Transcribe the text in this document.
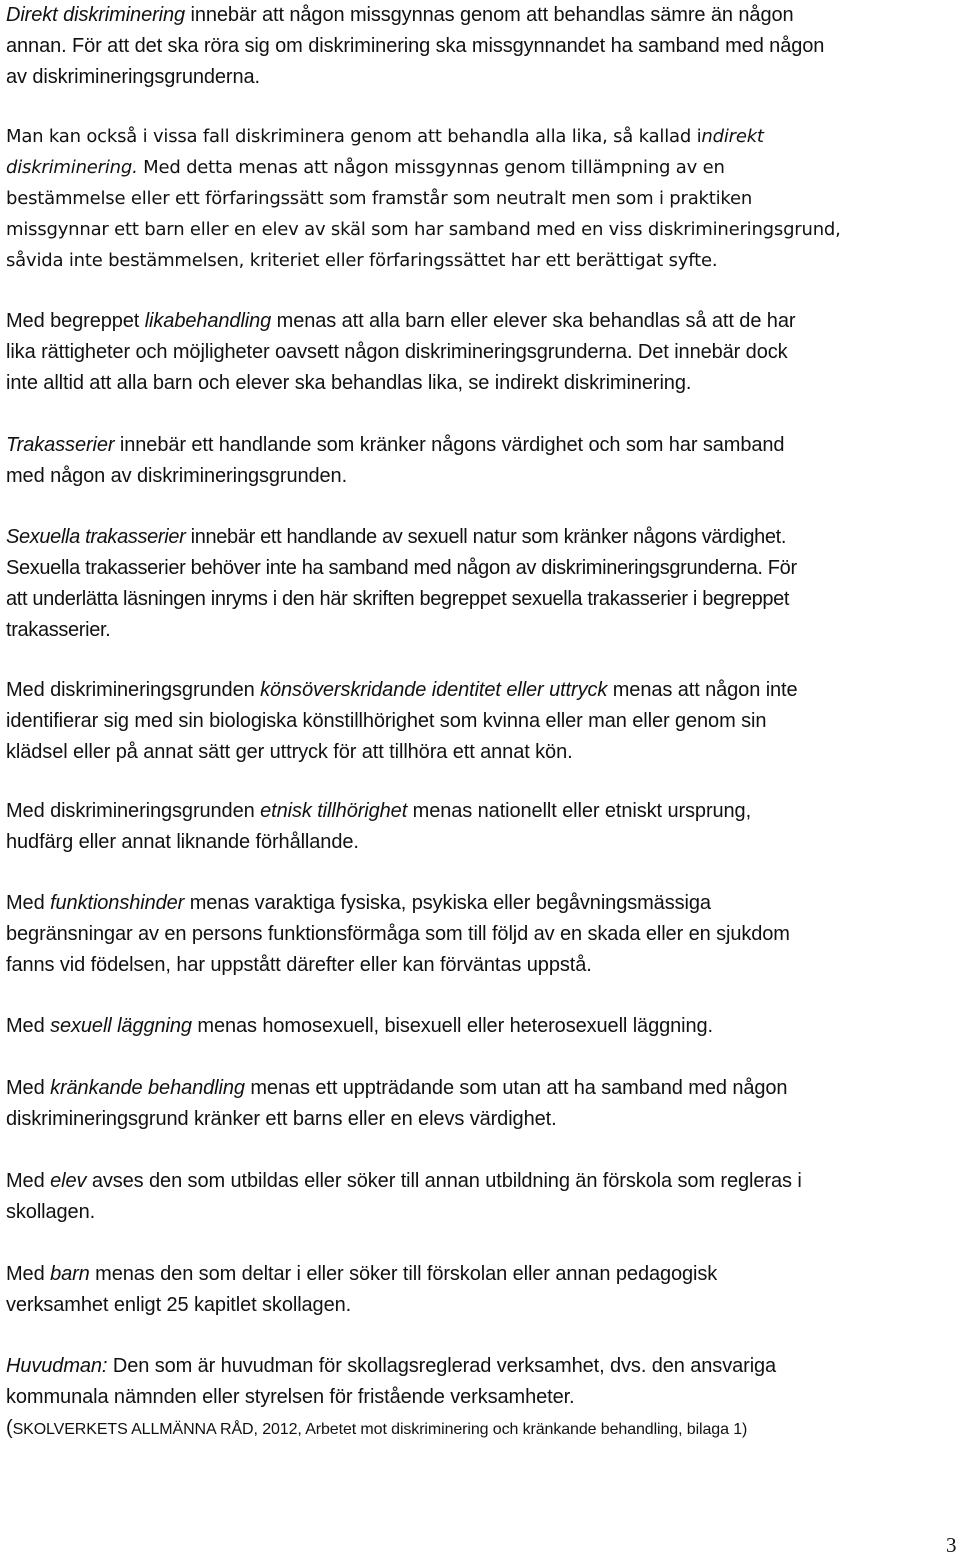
Direkt diskriminering innebär att någon missgynnas genom att behandlas sämre än någon
annan. För att det ska röra sig om diskriminering ska missgynnandet ha samband med någon
av diskrimineringsgrunderna.

Man kan också i vissa fall diskriminera genom att behandla alla lika, så kallad indirekt
diskriminering. Med detta menas att någon missgynnas genom tillämpning av en
bestämmelse eller ett förfaringssätt som framstår som neutralt men som i praktiken
missgynnar ett barn eller en elev av skäl som har samband med en viss diskrimineringsgrund,
såvida inte bestämmelsen, kriteriet eller förfaringssättet har ett berättigat syfte.

Med begreppet likabehandling menas att alla barn eller elever ska behandlas så att de har
lika rättigheter och möjligheter oavsett någon diskrimineringsgrunderna. Det innebär dock
inte alltid att alla barn och elever ska behandlas lika, se indirekt diskriminering.

Trakasserier innebär ett handlande som kränker någons värdighet och som har samband
med någon av diskrimineringsgrunden.

Sexuella trakasserier innebär ett handlande av sexuell natur som kränker någons värdighet.
Sexuella trakasserier behöver inte ha samband med någon av diskrimineringsgrunderna. För
att underlätta läsningen inryms i den här skriften begreppet sexuella trakasserier i begreppet
trakasserier.

Med diskrimineringsgrunden könsöverskridande identitet eller uttryck menas att någon inte
identifierar sig med sin biologiska könstillhörighet som kvinna eller man eller genom sin
klädsel eller på annat sätt ger uttryck för att tillhöra ett annat kön.

Med diskrimineringsgrunden etnisk tillhörighet menas nationellt eller etniskt ursprung,
hudfärg eller annat liknande förhållande.

Med funktionshinder menas varaktiga fysiska, psykiska eller begåvningsmässiga
begränsningar av en persons funktionsförmåga som till följd av en skada eller en sjukdom
fanns vid födelsen, har uppstått därefter eller kan förväntas uppstå.

Med sexuell läggning menas homosexuell, bisexuell eller heterosexuell läggning.

Med kränkande behandling menas ett uppträdande som utan att ha samband med någon
diskrimineringsgrund kränker ett barns eller en elevs värdighet.

Med elev avses den som utbildas eller söker till annan utbildning än förskola som regleras i
skollagen.

Med barn menas den som deltar i eller söker till förskolan eller annan pedagogisk
verksamhet enligt 25 kapitlet skollagen.

Huvudman: Den som är huvudman för skollagsreglerad verksamhet, dvs. den ansvariga
kommunala nämnden eller styrelsen för fristående verksamheter.
(SKOLVERKETS ALLMÄNNA RÅD, 2012, Arbetet mot diskriminering och kränkande behandling, bilaga 1)

3
